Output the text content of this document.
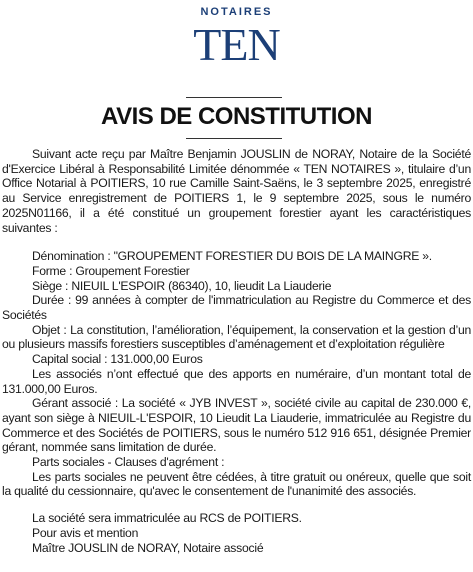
NOTAIRES
TEN
AVIS DE CONSTITUTION

Suivant acte reçu par Maître Benjamin JOUSLIN de NORAY, Notaire de la Société d'Exercice Libéral à Responsabilité Limitée dénommée « TEN NOTAIRES », titulaire d’un Office Notarial à POITIERS, 10 rue Camille Saint-Saëns, le 3 septembre 2025, enregistré au Service enregistrement de POITIERS 1, le 9 septembre 2025, sous le numéro 2025N01166, il a été constitué un groupement forestier ayant les caractéristiques suivantes :

Dénomination : "GROUPEMENT FORESTIER DU BOIS DE LA MAINGRE ».

Forme : Groupement Forestier

Siège : NIEUIL L'ESPOIR (86340), 10, lieudit La Liauderie

Durée : 99 années à compter de l'immatriculation au Registre du Commerce et des Sociétés

Objet : La constitution, l’amélioration, l’équipement, la conservation et la gestion d’un ou plusieurs massifs forestiers susceptibles d’aménagement et d’exploitation régulière

Capital social : 131.000,00 Euros

Les associés n’ont effectué que des apports en numéraire, d’un montant total de 131.000,00 Euros.

Gérant associé : La société « JYB INVEST », société civile au capital de 230.000 €, ayant son siège à NIEUIL-L'ESPOIR, 10 Lieudit La Liauderie, immatriculée au Registre du Commerce et des Sociétés de POITIERS, sous le numéro 512 916 651, désignée Premier gérant, nommée sans limitation de durée.

Parts sociales - Clauses d'agrément :

Les parts sociales ne peuvent être cédées, à titre gratuit ou onéreux, quelle que soit la qualité du cessionnaire, qu'avec le consentement de l'unanimité des associés.

La société sera immatriculée au RCS de POITIERS.

Pour avis et mention

Maître JOUSLIN de NORAY, Notaire associé
